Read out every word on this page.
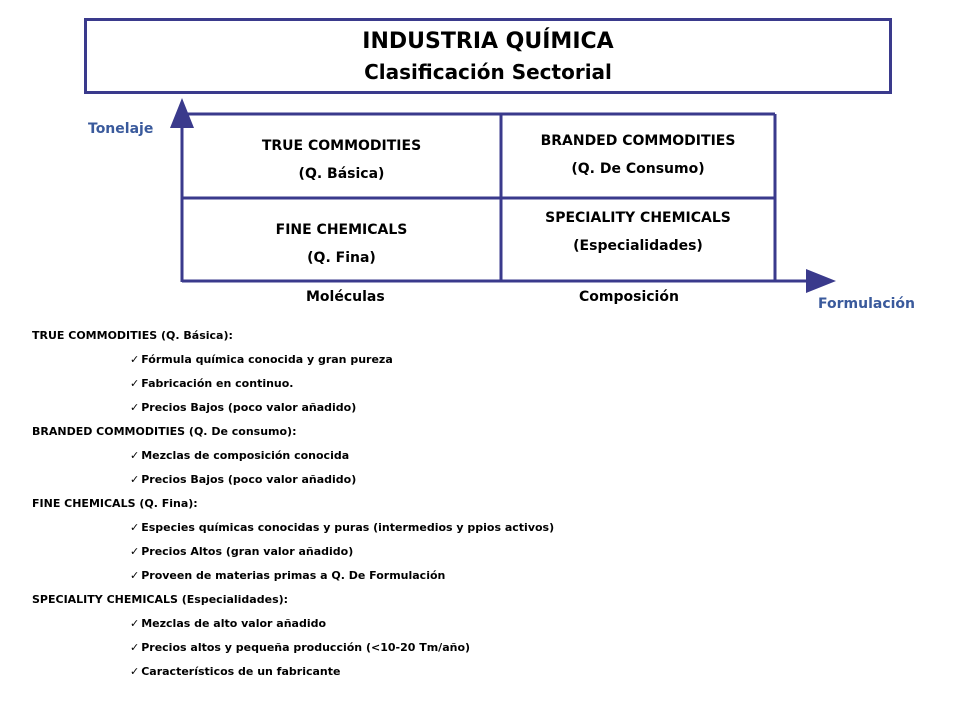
INDUSTRIA QUÍMICA
Clasificación Sectorial
Tonelaje
Formulación
TRUE COMMODITIES
(Q. Básica)
BRANDED COMMODITIES
(Q. De Consumo)
FINE CHEMICALS
(Q. Fina)
SPECIALITY CHEMICALS
(Especialidades)
Moléculas	Composición
TRUE COMMODITIES (Q. Básica):
✓ Fórmula química conocida y gran pureza
✓ Fabricación en continuo.
✓ Precios Bajos (poco valor añadido)
BRANDED COMMODITIES (Q. De consumo):
✓ Mezclas de composición conocida
✓ Precios Bajos (poco valor añadido)
FINE CHEMICALS (Q. Fina):
✓ Especies químicas conocidas y puras (intermedios y ppios activos)
✓ Precios Altos (gran valor añadido)
✓ Proveen de materias primas a Q. De Formulación
SPECIALITY CHEMICALS (Especialidades):
✓ Mezclas de alto valor añadido
✓ Precios altos y pequeña producción (<10-20 Tm/año)
✓ Característicos de un fabricante
